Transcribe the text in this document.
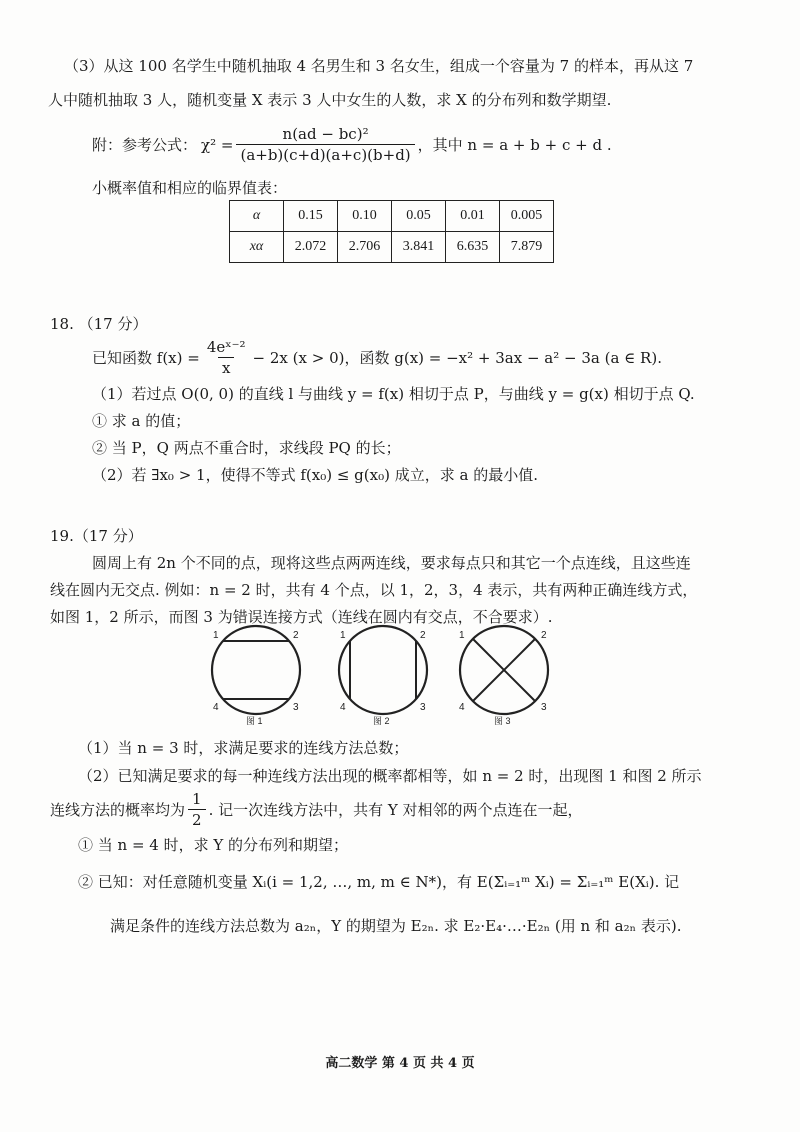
（3）从这 100 名学生中随机抽取 4 名男生和 3 名女生，组成一个容量为 7 的样本，再从这 7
人中随机抽取 3 人，随机变量 X 表示 3 人中女生的人数，求 X 的分布列和数学期望.
附：参考公式： $\chi^2 = \frac{\text{n(ad − bc)²}}{(a+b)(c+d)(a+c)(b+d)}$ ，其中 n = a + b + c + d .
小概率值和相应的临界值表：
α	0.15	0.10	0.05	0.01	0.005
xα	2.072	2.706	3.841	6.635	7.879
18. （17 分）
已知函数 $f(x) = \frac{\text{4eˣ⁻²}}{x} - 2x$ (x > 0)，函数 g(x) = −x² + 3ax − a² − 3a (a ∈ R).
（1）若过点 O(0, 0) 的直线 l 与曲线 y = f(x) 相切于点 P，与曲线 y = g(x) 相切于点 Q.
① 求 a 的值；
② 当 P，Q 两点不重合时，求线段 PQ 的长；
（2）若 ∃x₀ > 1，使得不等式 f(x₀) ≤ g(x₀) 成立，求 a 的最小值.
19.（17 分）
圆周上有 2n 个不同的点，现将这些点两两连线，要求每点只和其它一个点连线，且这些连
线在圆内无交点. 例如：n = 2 时，共有 4 个点，以 1，2，3，4 表示，共有两种正确连线方式，
如图 1，2 所示，而图 3 为错误连接方式（连线在圆内有交点，不合要求）.
1	2
3
4
图 1
1	2
3
4
图 2
1	2
3
4
图 3
（1）当 n = 3 时，求满足要求的连线方法总数；
（2）已知满足要求的每一种连线方法出现的概率都相等，如 n = 2 时，出现图 1 和图 2 所示
连线方法的概率均为 $\frac{1}{2}$ . 记一次连线方法中，共有 Y 对相邻的两个点连在一起，
① 当 n = 4 时，求 Y 的分布列和期望；
② 已知：对任意随机变量 Xᵢ(i = 1,2, …, m, m ∈ N*)，有 E(Σᵢ₌₁ᵐ Xᵢ) = Σᵢ₌₁ᵐ E(Xᵢ). 记
满足条件的连线方法总数为 a₂ₙ，Y 的期望为 E₂ₙ. 求 E₂·E₄·…·E₂ₙ (用 n 和 a₂ₙ 表示).
高二数学 第 4 页 共 4 页
